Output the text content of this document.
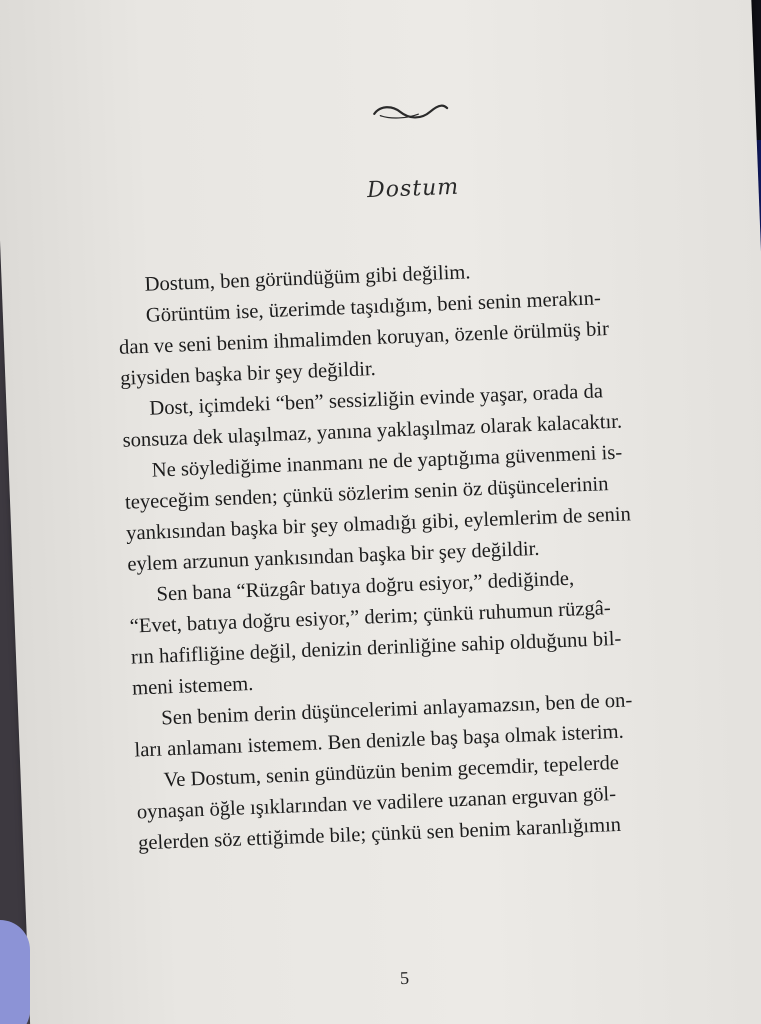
Dostum
Dostum, ben göründüğüm gibi değilim.
Görüntüm ise, üzerimde taşıdığım, beni senin merakın-
dan ve seni benim ihmalimden koruyan, özenle örülmüş bir
giysiden başka bir şey değildir.
Dost, içimdeki “ben” sessizliğin evinde yaşar, orada da
sonsuza dek ulaşılmaz, yanına yaklaşılmaz olarak kalacaktır.
Ne söylediğime inanmanı ne de yaptığıma güvenmeni is-
teyeceğim senden; çünkü sözlerim senin öz düşüncelerinin
yankısından başka bir şey olmadığı gibi, eylemlerim de senin
eylem arzunun yankısından başka bir şey değildir.
Sen bana “Rüzgâr batıya doğru esiyor,” dediğinde,
“Evet, batıya doğru esiyor,” derim; çünkü ruhumun rüzgâ-
rın hafifliğine değil, denizin derinliğine sahip olduğunu bil-
meni istemem.
Sen benim derin düşüncelerimi anlayamazsın, ben de on-
ları anlamanı istemem. Ben denizle baş başa olmak isterim.
Ve Dostum, senin gündüzün benim gecemdir, tepelerde
oynaşan öğle ışıklarından ve vadilere uzanan erguvan göl-
gelerden söz ettiğimde bile; çünkü sen benim karanlığımın
5
